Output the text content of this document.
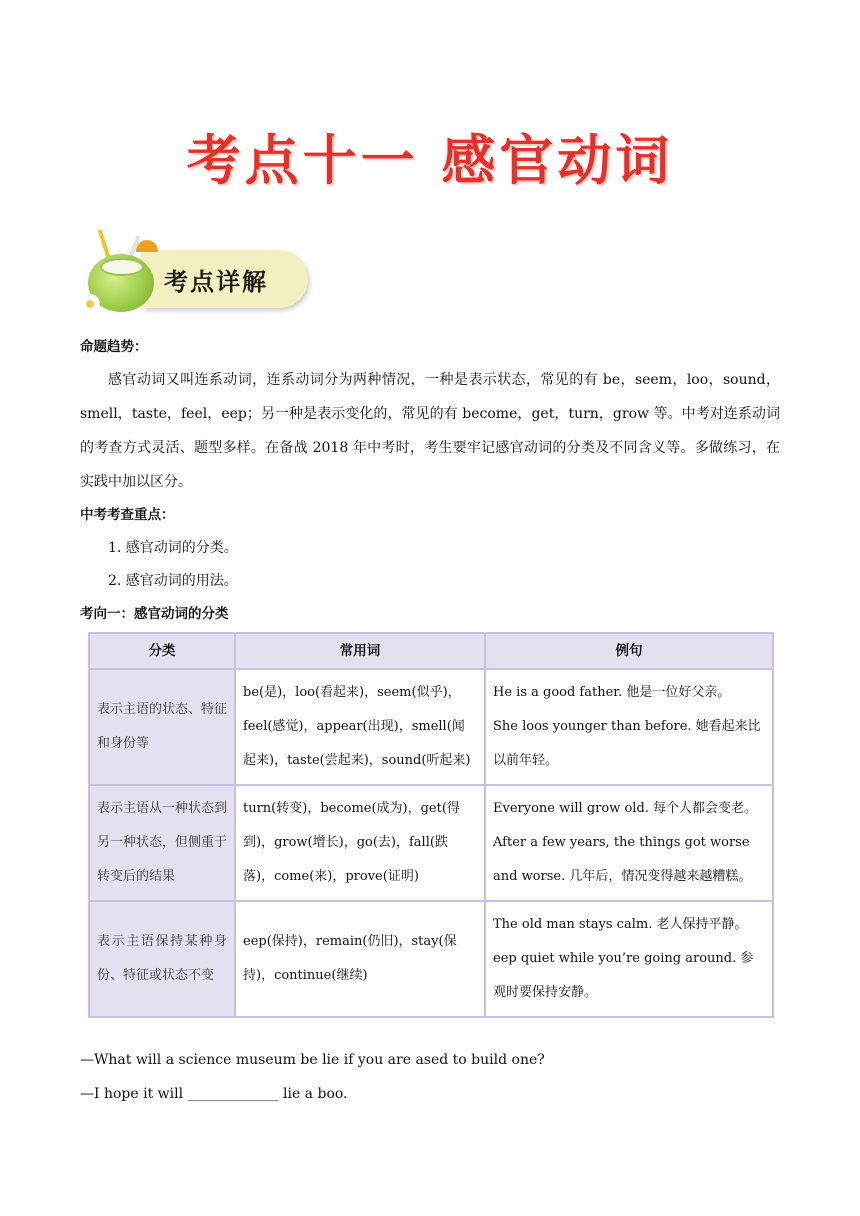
考点十一 感官动词
考点详解
命题趋势：
感官动词又叫连系动词，连系动词分为两种情况，一种是表示状态，常见的有 be，seem，loo，sound，smell，taste，feel，eep；另一种是表示变化的，常见的有 become，get，turn，grow 等。中考对连系动词的考查方式灵活、题型多样。在备战 2018 年中考时，考生要牢记感官动词的分类及不同含义等。多做练习，在实践中加以区分。
中考考查重点：
1. 感官动词的分类。
2. 感官动词的用法。
考向一：感官动词的分类
分类	常用词	例句
表示主语的状态、特征和身份等	be(是)，loo(看起来)，seem(似乎)，feel(感觉)，appear(出现)，smell(闻起来)，taste(尝起来)，sound(听起来)	He is a good father. 他是一位好父亲。
She loos younger than before. 她看起来比以前年轻。

表示主语从一种状态到另一种状态，但侧重于转变后的结果	turn(转变)，become(成为)，get(得到)，grow(增长)，go(去)，fall(跌落)，come(来)，prove(证明)	Everyone will grow old. 每个人都会变老。
After a few years, the things got worse and worse. 几年后，情况变得越来越糟糕。

表示主语保持某种身份、特征或状态不变	eep(保持)，remain(仍旧)，stay(保持)，continue(继续)	The old man stays calm. 老人保持平静。
eep quiet while you’re going around. 参观时要保持安静。
—What will a science museum be lie if you are ased to build one?
—I hope it will _____________ lie a boo.
